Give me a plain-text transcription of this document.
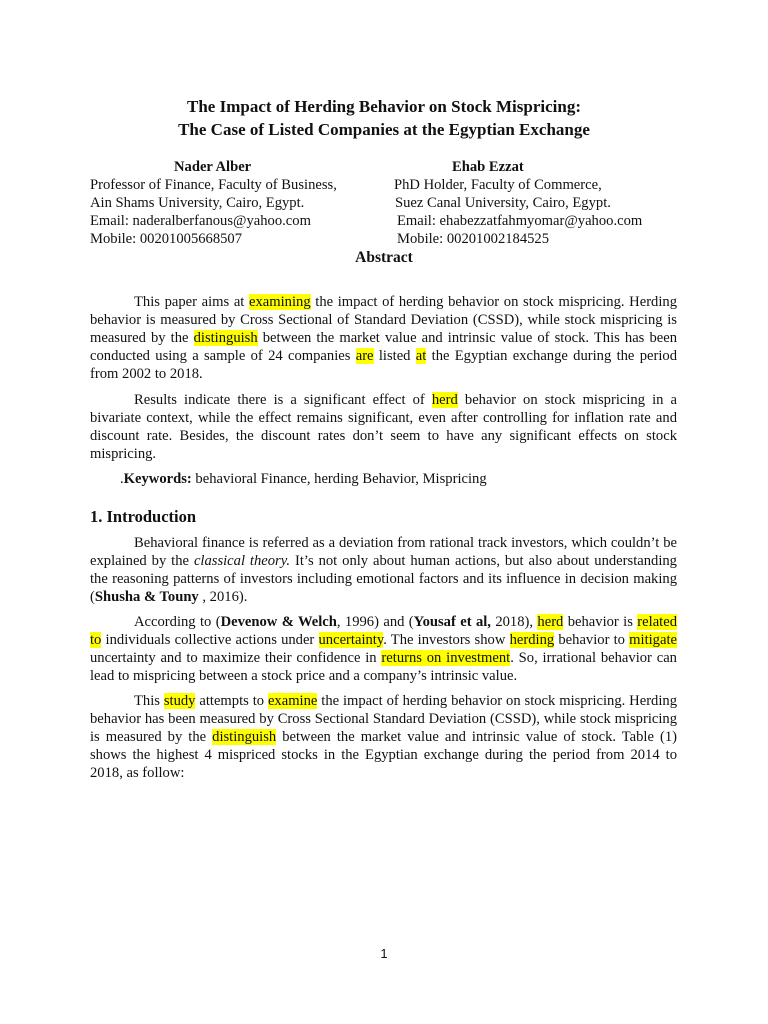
The Impact of Herding Behavior on Stock Mispricing:
The Case of Listed Companies at the Egyptian Exchange
Nader Alber
Professor of Finance, Faculty of Business,
Ain Shams University, Cairo, Egypt.
Email: naderalberfanous@yahoo.com
Mobile: 00201005668507
Ehab Ezzat
PhD Holder, Faculty of Commerce,
Suez Canal University, Cairo, Egypt.
Email: ehabezzatfahmyomar@yahoo.com
Mobile: 00201002184525
Abstract

This paper aims at examining the impact of herding behavior on stock mispricing. Herding behavior is measured by Cross Sectional of Standard Deviation (CSSD), while stock mispricing is measured by the distinguish between the market value and intrinsic value of stock. This has been conducted using a sample of 24 companies are listed at the Egyptian exchange during the period from 2002 to 2018.

Results indicate there is a significant effect of herd behavior on stock mispricing in a bivariate context, while the effect remains significant, even after controlling for inflation rate and discount rate. Besides, the discount rates don’t seem to have any significant effects on stock mispricing.

.Keywords: behavioral Finance, herding Behavior, Mispricing
1. Introduction

Behavioral finance is referred as a deviation from rational track investors, which couldn’t be explained by the classical theory. It’s not only about human actions, but also about understanding the reasoning patterns of investors including emotional factors and its influence in decision making (Shusha & Touny , 2016).

According to (Devenow & Welch, 1996) and (Yousaf et al, 2018), herd behavior is related to individuals collective actions under uncertainty. The investors show herding behavior to mitigate uncertainty and to maximize their confidence in returns on investment. So, irrational behavior can lead to mispricing between a stock price and a company’s intrinsic value.

This study attempts to examine the impact of herding behavior on stock mispricing. Herding behavior has been measured by Cross Sectional Standard Deviation (CSSD), while stock mispricing is measured by the distinguish between the market value and intrinsic value of stock. Table (1) shows the highest 4 mispriced stocks in the Egyptian exchange during the period from 2014 to 2018, as follow:

1
